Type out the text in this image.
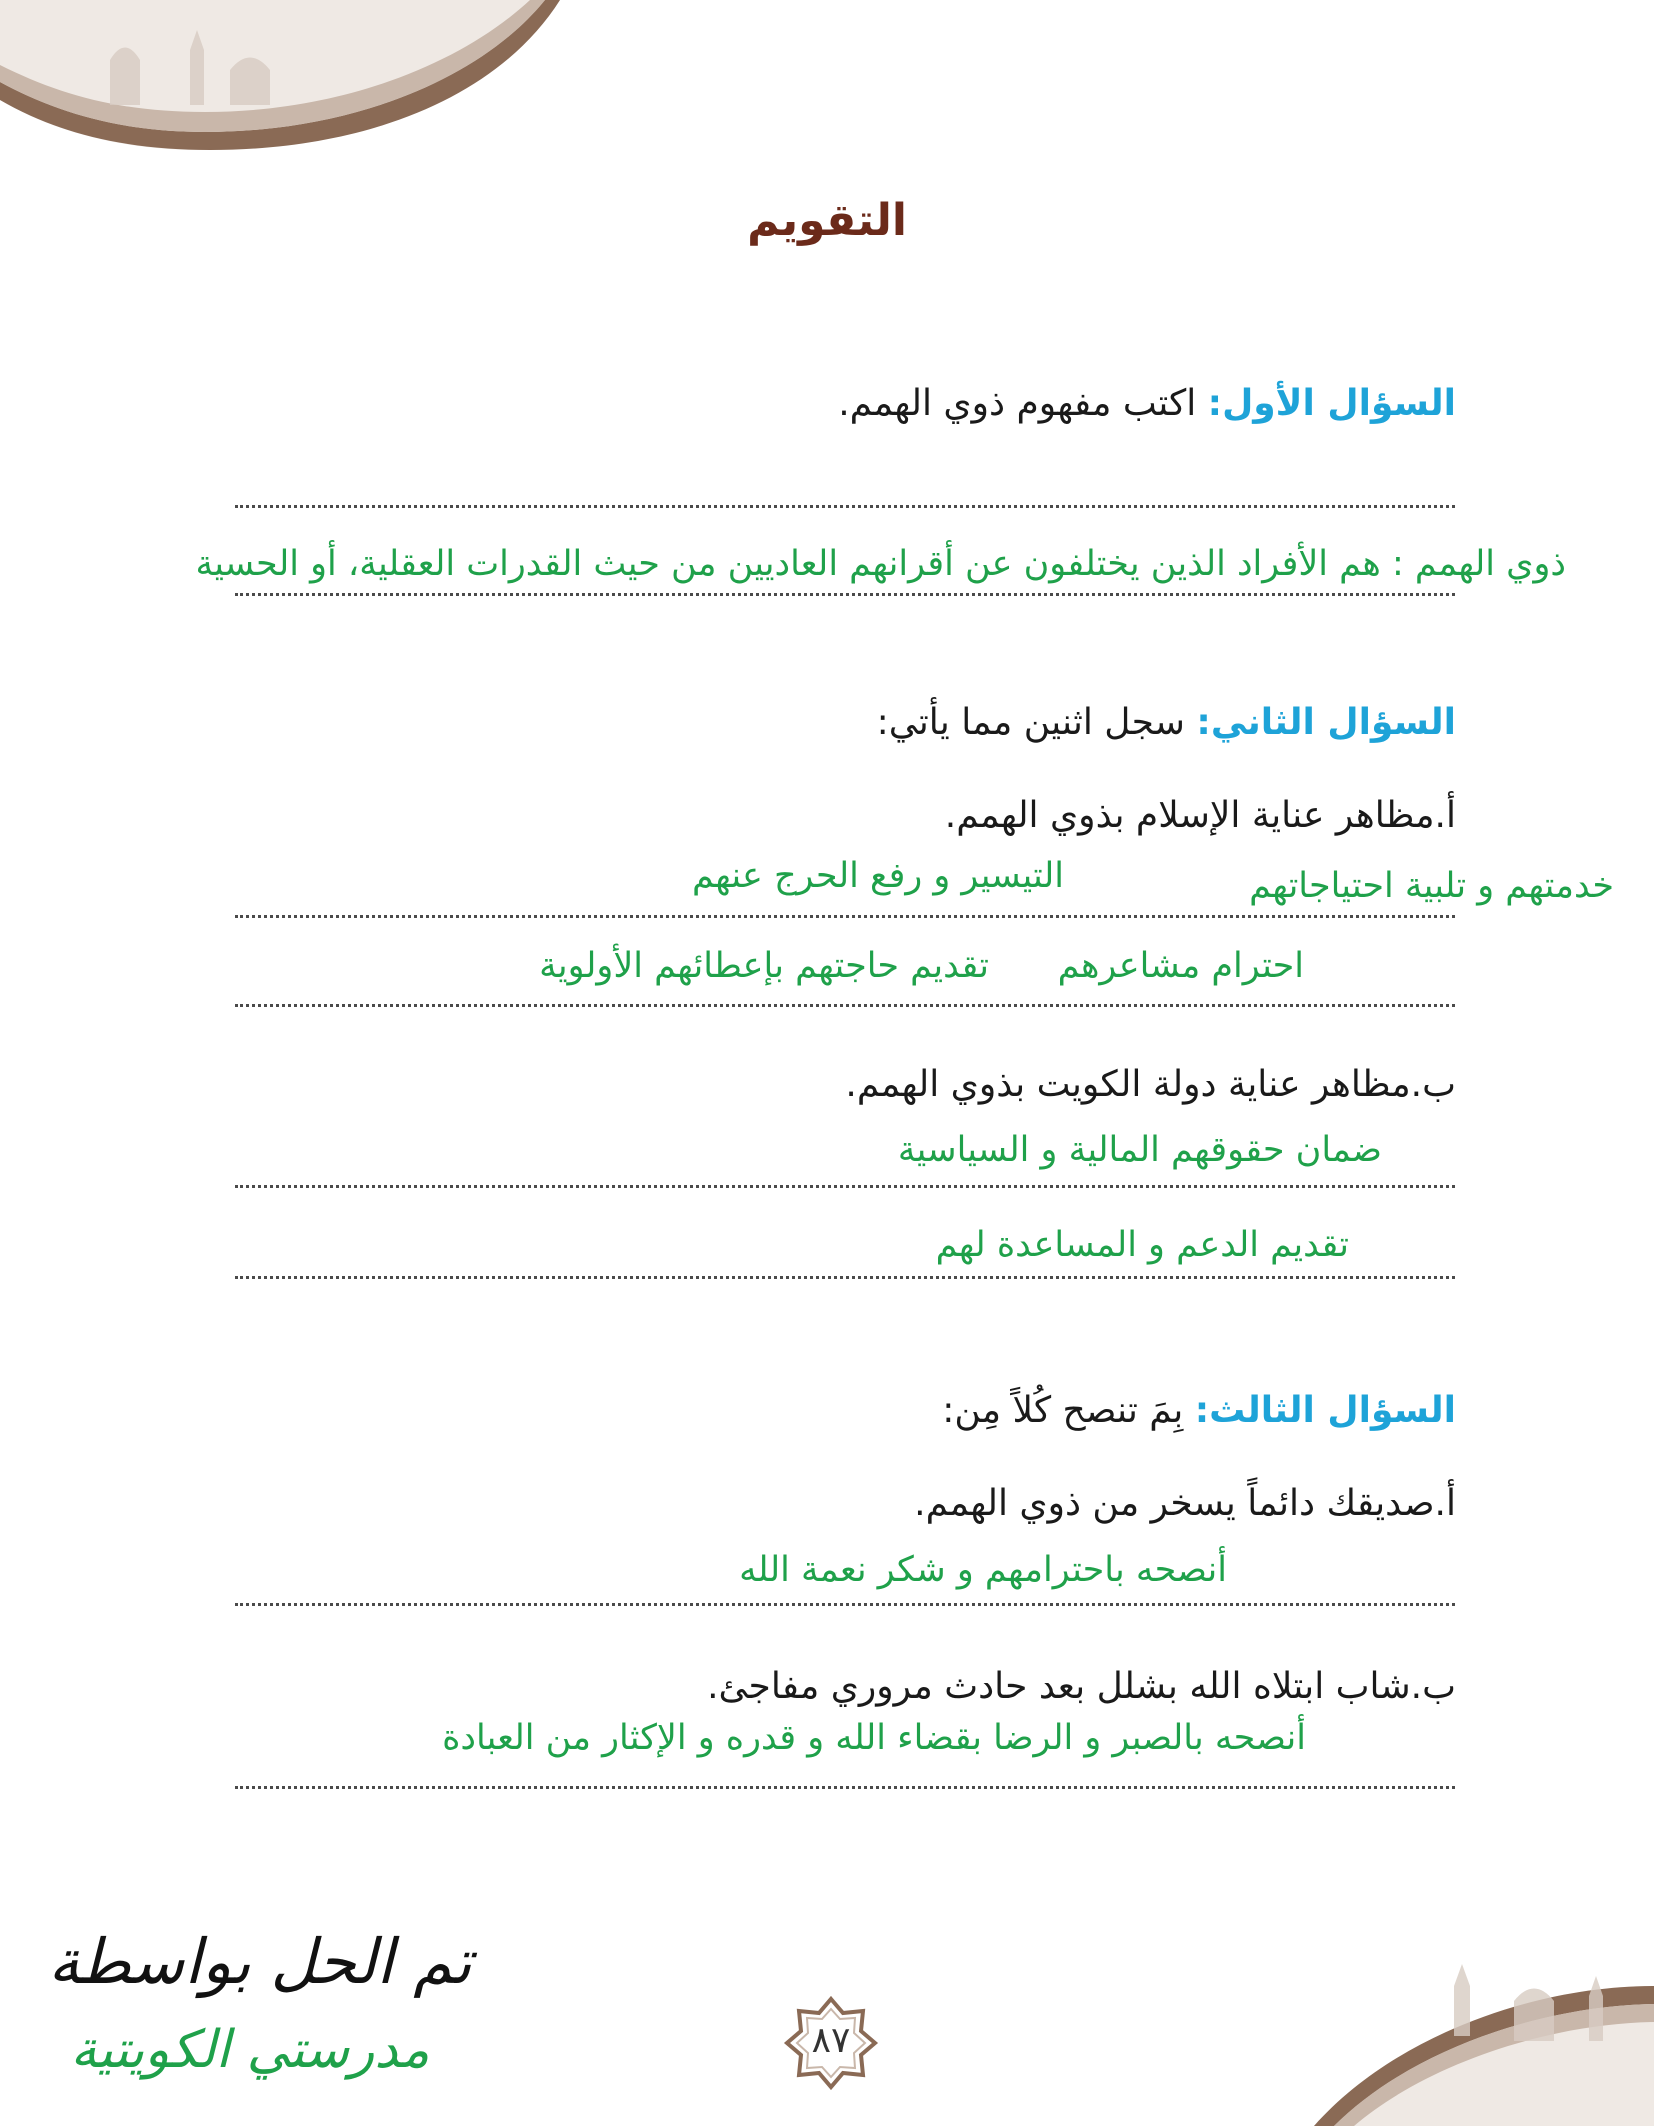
التقويم
السؤال الأول: اكتب مفهوم ذوي الهمم.
ذوي الهمم : هم الأفراد الذين يختلفون عن أقرانهم العاديين من حيث القدرات العقلية، أو الحسية
السؤال الثاني: سجل اثنين مما يأتي:
أ.مظاهر عناية الإسلام بذوي الهمم.
خدمتهم و تلبية احتياجاتهم
التيسير و رفع الحرج عنهم
احترام مشاعرهم
تقديم حاجتهم بإعطائهم الأولوية
ب.مظاهر عناية دولة الكويت بذوي الهمم.
ضمان حقوقهم المالية و السياسية
تقديم الدعم و المساعدة لهم
السؤال الثالث: بِمَ تنصح كُلاً مِن:
أ.صديقك دائماً يسخر من ذوي الهمم.
أنصحه باحترامهم و شكر نعمة الله
ب.شاب ابتلاه الله بشلل بعد حادث مروري مفاجئ.
أنصحه بالصبر و الرضا بقضاء الله و قدره و الإكثار من العبادة
تم الحل بواسطة
مدرستي الكويتية	٨٧
